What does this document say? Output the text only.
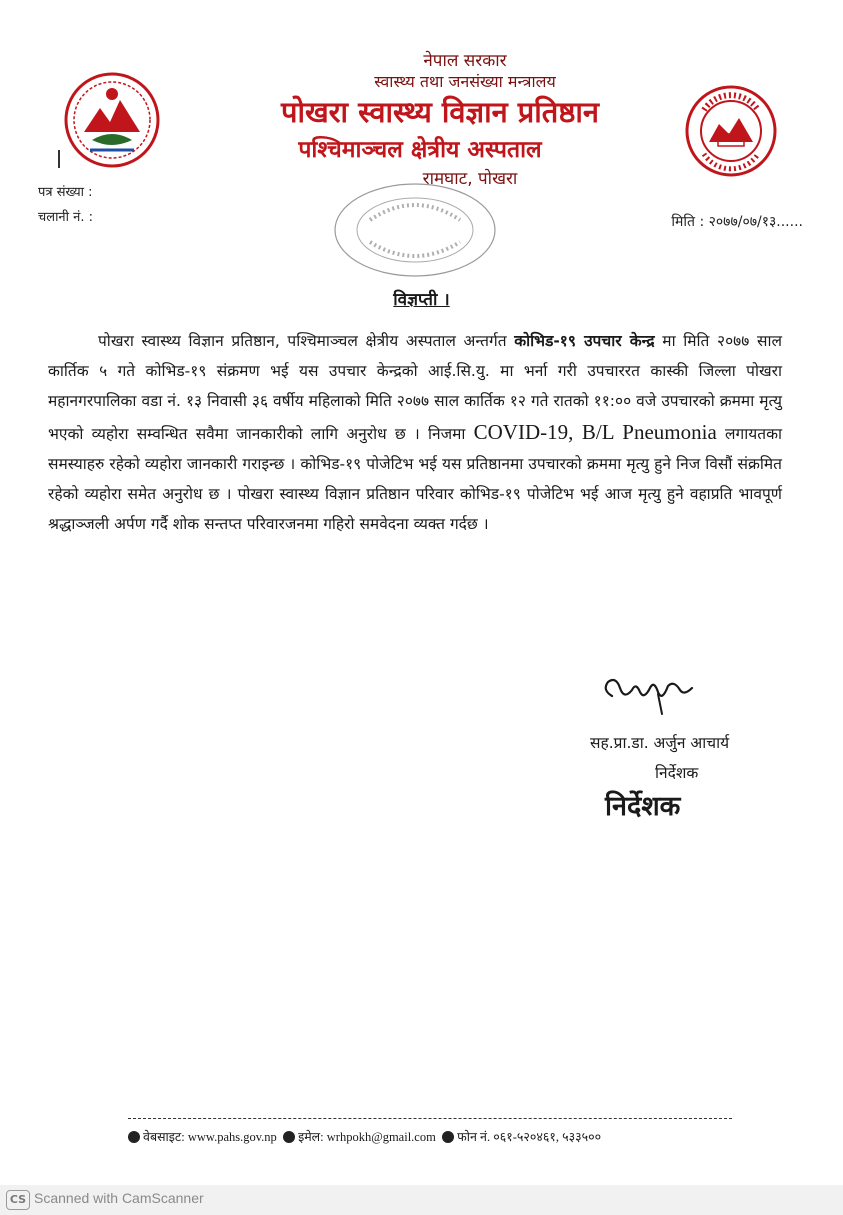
नेपाल सरकार
स्वास्थ्य तथा जनसंख्या मन्त्रालय
पोखरा स्वास्थ्य विज्ञान प्रतिष्ठान
पश्चिमाञ्चल क्षेत्रीय अस्पताल
रामघाट, पोखरा
पत्र संख्या :
चलानी नं. :	मिति : २०७७/०७/१३......
विज्ञप्ती ।

पोखरा स्वास्थ्य विज्ञान प्रतिष्ठान, पश्चिमाञ्चल क्षेत्रीय अस्पताल अन्तर्गत कोभिड-१९ उपचार केन्द्र मा मिति २०७७ साल कार्तिक ५ गते कोभिड-१९ संक्रमण भई यस उपचार केन्द्रको आई.सि.यु. मा भर्ना गरी उपचाररत कास्की जिल्ला पोखरा महानगरपालिका वडा नं. १३ निवासी ३६ वर्षीय महिलाको मिति २०७७ साल कार्तिक १२ गते रातको ११:०० वजे उपचारको क्रममा मृत्यु भएको व्यहोरा सम्वन्धित सवैमा जानकारीको लागि अनुरोध छ । निजमा COVID-19, B/L Pneumonia लगायतका समस्याहरु रहेको व्यहोरा जानकारी गराइन्छ । कोभिड-१९ पोजेटिभ भई यस प्रतिष्ठानमा उपचारको क्रममा मृत्यु हुने निज विसौं संक्रमित रहेको व्यहोरा समेत अनुरोध छ । पोखरा स्वास्थ्य विज्ञान प्रतिष्ठान परिवार कोभिड-१९ पोजेटिभ भई आज मृत्यु हुने वहाप्रति भावपूर्ण श्रद्धाञ्जली अर्पण गर्दै शोक सन्तप्त परिवारजनमा गहिरो समवेदना व्यक्त गर्दछ ।

सह.प्रा.डा. अर्जुन आचार्य
निर्देशक
निर्देशक
वेबसाइट: www.pahs.gov.np इमेल: wrhpokh@gmail.com फोन नं. ०६१-५२०४६१, ५३३५००
CS Scanned with CamScanner
